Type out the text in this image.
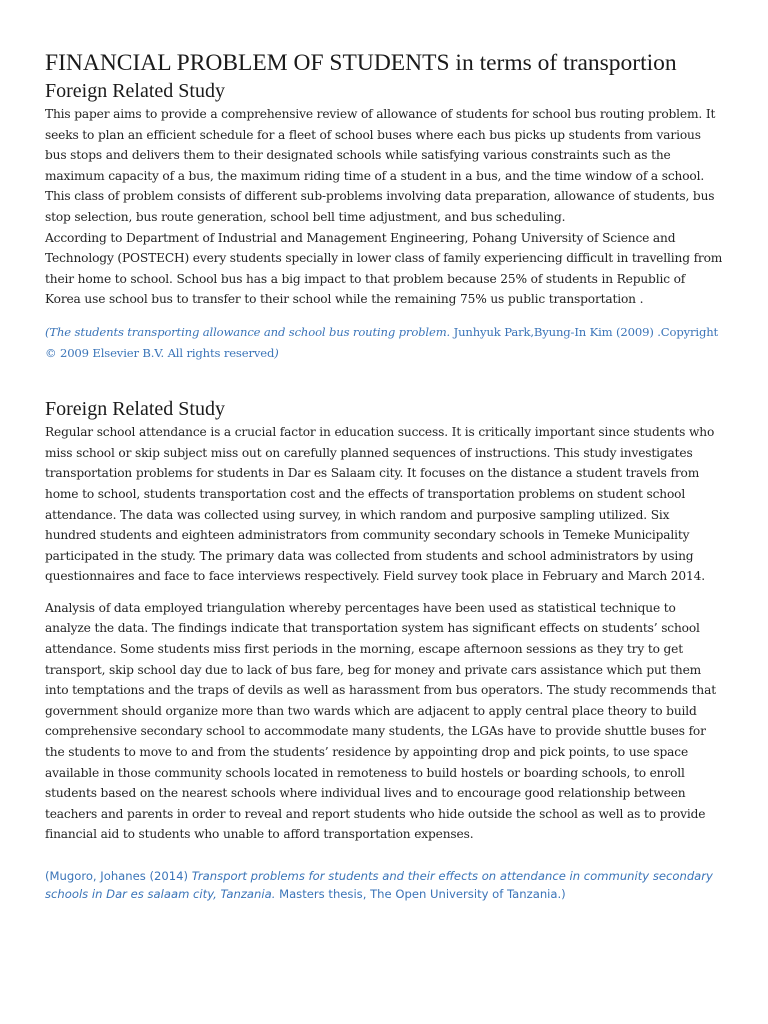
FINANCIAL PROBLEM OF STUDENTS in terms of transportion
Foreign Related Study

This paper aims to provide a comprehensive review of allowance of students for school bus routing problem. It seeks to plan an efficient schedule for a fleet of school buses where each bus picks up students from various bus stops and delivers them to their designated schools while satisfying various constraints such as the maximum capacity of a bus, the maximum riding time of a student in a bus, and the time window of a school. This class of problem consists of different sub-problems involving data preparation, allowance of students, bus stop selection, bus route generation, school bell time adjustment, and bus scheduling.

According to Department of Industrial and Management Engineering, Pohang University of Science and Technology (POSTECH) every students specially in lower class of family experiencing difficult in travelling from their home to school. School bus has a big impact to that problem because 25% of students in Republic of Korea use school bus to transfer to their school while the remaining 75% us public transportation .

(The students transporting allowance and school bus routing problem. Junhyuk Park,Byung-In Kim (2009) .Copyright © 2009 Elsevier B.V. All rights reserved)

Foreign Related Study

Regular school attendance is a crucial factor in education success. It is critically important since students who miss school or skip subject miss out on carefully planned sequences of instructions. This study investigates transportation problems for students in Dar es Salaam city. It focuses on the distance a student travels from home to school, students transportation cost and the effects of transportation problems on student school attendance. The data was collected using survey, in which random and purposive sampling utilized. Six hundred students and eighteen administrators from community secondary schools in Temeke Municipality participated in the study. The primary data was collected from students and school administrators by using questionnaires and face to face interviews respectively. Field survey took place in February and March 2014.

Analysis of data employed triangulation whereby percentages have been used as statistical technique to analyze the data. The findings indicate that transportation system has significant effects on students’ school attendance. Some students miss first periods in the morning, escape afternoon sessions as they try to get transport, skip school day due to lack of bus fare, beg for money and private cars assistance which put them into temptations and the traps of devils as well as harassment from bus operators. The study recommends that government should organize more than two wards which are adjacent to apply central place theory to build comprehensive secondary school to accommodate many students, the LGAs have to provide shuttle buses for the students to move to and from the students’ residence by appointing drop and pick points, to use space available in those community schools located in remoteness to build hostels or boarding schools, to enroll students based on the nearest schools where individual lives and to encourage good relationship between teachers and parents in order to reveal and report students who hide outside the school as well as to provide financial aid to students who unable to afford transportation expenses.

(Mugoro, Johanes (2014) Transport problems for students and their effects on attendance in community secondary schools in Dar es salaam city, Tanzania. Masters thesis, The Open University of Tanzania.)
